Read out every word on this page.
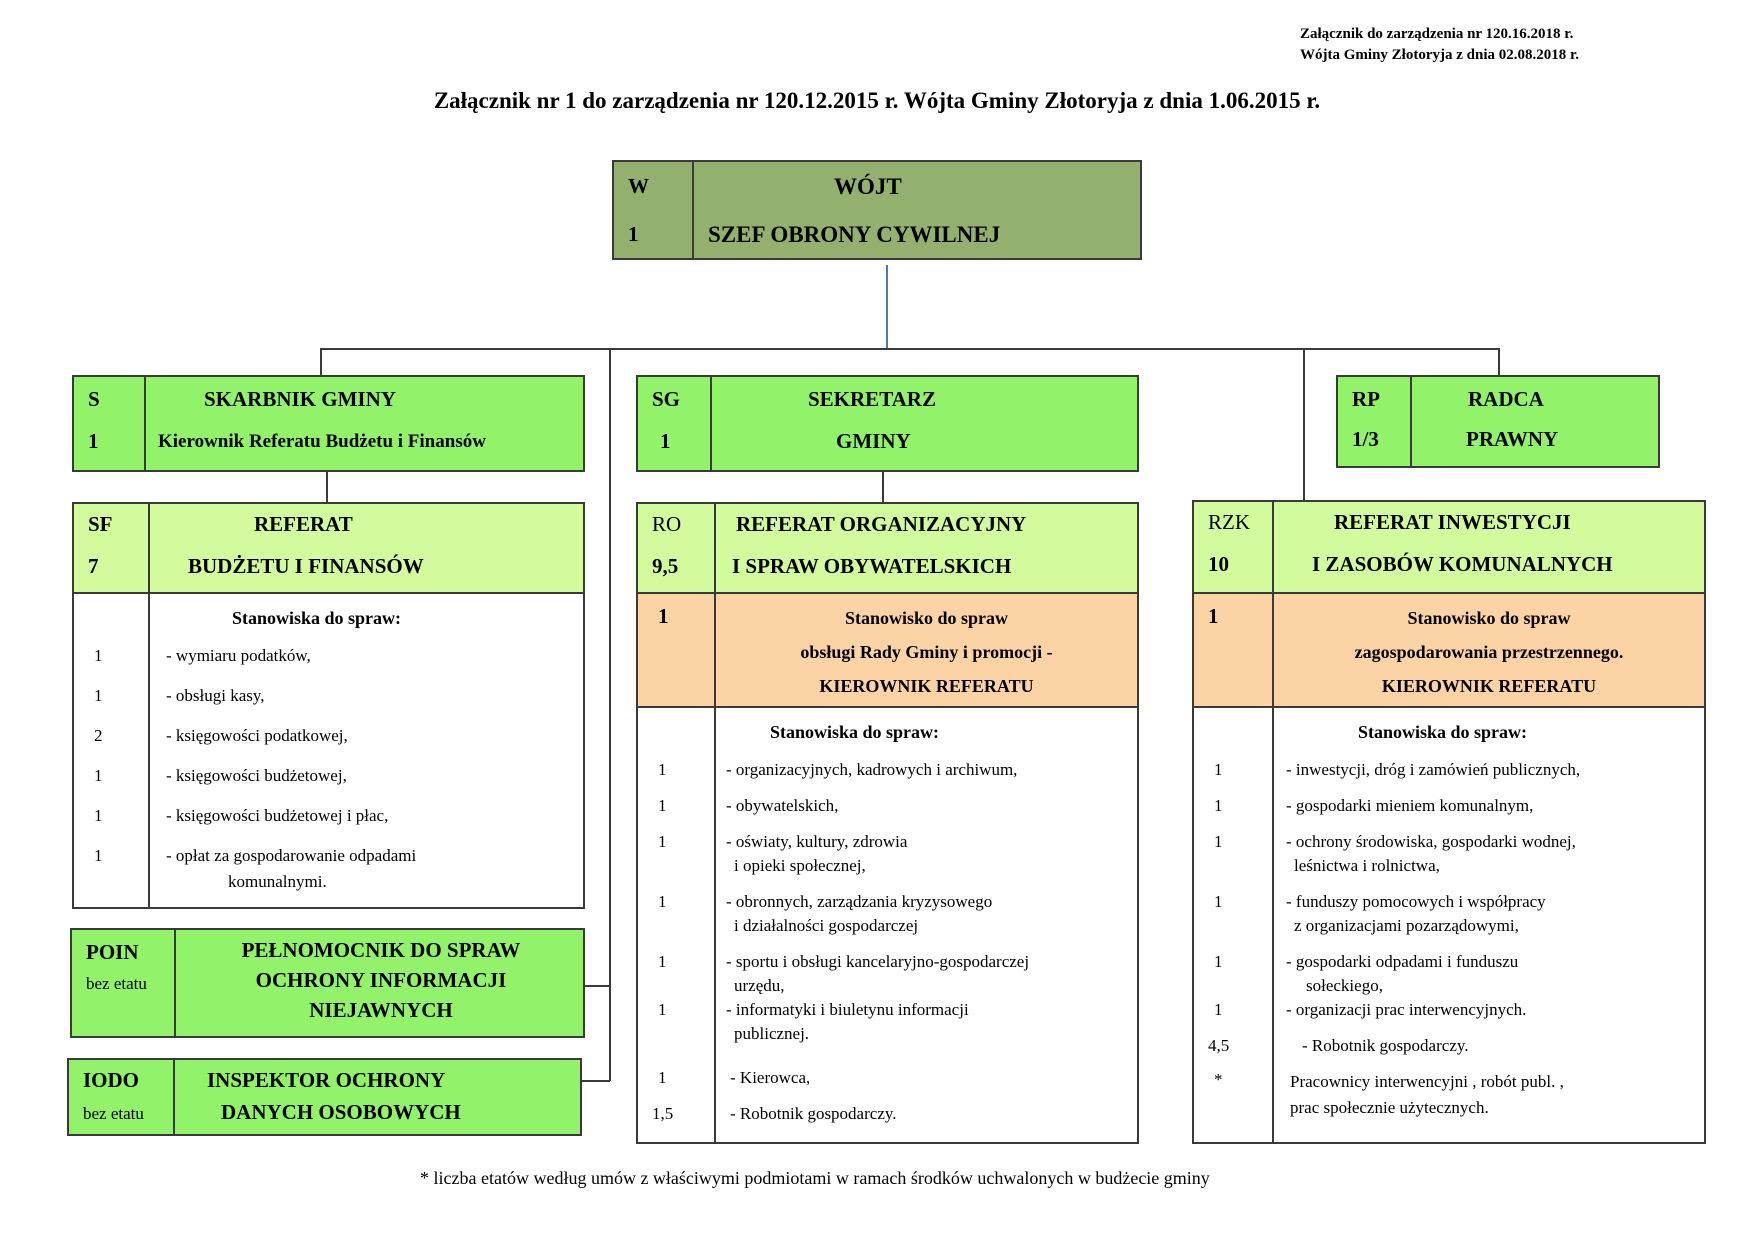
Załącznik do zarządzenia nr 120.16.2018 r.
Wójta Gminy Złotoryja z dnia 02.08.2018 r.
Załącznik nr 1 do zarządzenia nr 120.12.2015 r. Wójta Gminy Złotoryja z dnia 1.06.2015 r.
W
1
WÓJT
SZEF OBRONY CYWILNEJ
S
1
SKARBNIK GMINY
Kierownik Referatu Budżetu i Finansów
SG
1
SEKRETARZ
GMINY
RP
1/3
RADCA
PRAWNY
SF
7
REFERAT
BUDŻETU I FINANSÓW
Stanowiska do spraw:
1	- wymiaru podatków,
1	- obsługi kasy,
2	- księgowości podatkowej,
1	- księgowości budżetowej,
1	- księgowości budżetowej i płac,
1	- opłat za gospodarowanie odpadami
komunalnymi.
POIN
bez etatu
PEŁNOMOCNIK DO SPRAW
OCHRONY INFORMACJI
NIEJAWNYCH
IODO
bez etatu
INSPEKTOR OCHRONY
DANYCH OSOBOWYCH
RO
9,5
REFERAT ORGANIZACYJNY
I SPRAW OBYWATELSKICH
1	Stanowisko do spraw
obsługi Rady Gminy i promocji -
KIEROWNIK REFERATU
Stanowiska do spraw:
1	- organizacyjnych, kadrowych i archiwum,
1	- obywatelskich,
1	- oświaty, kultury, zdrowia
i opieki społecznej,
1	- obronnych, zarządzania kryzysowego
i działalności gospodarczej
1	- sportu i obsługi kancelaryjno-gospodarczej
urzędu,
1	- informatyki i biuletynu informacji
publicznej.
1	- Kierowca,
1,5	- Robotnik gospodarczy.
RZK
10
REFERAT INWESTYCJI
I ZASOBÓW KOMUNALNYCH
1	Stanowisko do spraw
zagospodarowania przestrzennego.
KIEROWNIK REFERATU
Stanowiska do spraw:
1	- inwestycji, dróg i zamówień publicznych,
1	- gospodarki mieniem komunalnym,
1	- ochrony środowiska, gospodarki wodnej,
leśnictwa i rolnictwa,
1	- funduszy pomocowych i współpracy
z organizacjami pozarządowymi,
1	- gospodarki odpadami i funduszu
sołeckiego,
1	- organizacji prac interwencyjnych.
4,5	- Robotnik gospodarczy.
*	Pracownicy interwencyjni , robót publ. ,
prac społecznie użytecznych.
* liczba etatów według umów z właściwymi podmiotami w ramach środków uchwalonych w budżecie gminy
